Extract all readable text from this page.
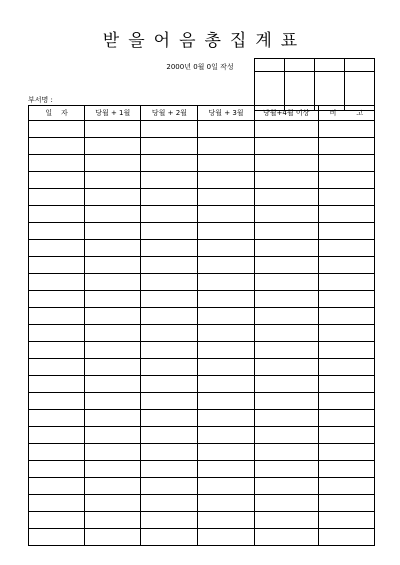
받을어음총집계표
2000년 0월 0일 작성

부서명 :
일    자	당월 + 1월	당월 + 2월	당월 + 3월	당월+4월 이상	비         고
